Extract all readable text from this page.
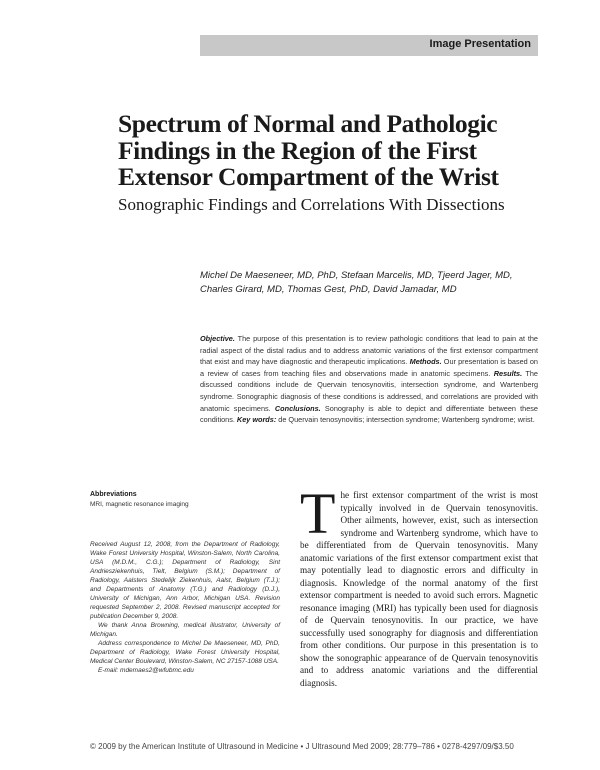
Image Presentation
Spectrum of Normal and Pathologic Findings in the Region of the First Extensor Compartment of the Wrist
Sonographic Findings and Correlations With Dissections

Michel De Maeseneer, MD, PhD, Stefaan Marcelis, MD, Tjeerd Jager, MD, Charles Girard, MD, Thomas Gest, PhD, David Jamadar, MD

Objective. The purpose of this presentation is to review pathologic conditions that lead to pain at the radial aspect of the distal radius and to address anatomic variations of the first extensor compartment that exist and may have diagnostic and therapeutic implications. Methods. Our presentation is based on a review of cases from teaching files and observations made in anatomic specimens. Results. The discussed conditions include de Quervain tenosynovitis, intersection syndrome, and Wartenberg syndrome. Sonographic diagnosis of these conditions is addressed, and correlations are provided with anatomic specimens. Conclusions. Sonography is able to depict and differentiate between these conditions. Key words: de Quervain tenosynovitis; intersection syndrome; Wartenberg syndrome; wrist.

Abbreviations

MRI, magnetic resonance imaging

Received August 12, 2008, from the Department of Radiology, Wake Forest University Hospital, Winston-Salem, North Carolina, USA (M.D.M., C.G.); Department of Radiology, Sint Andriesziekenhuis, Tielt, Belgium (S.M.); Department of Radiology, Aalsters Stedelijk Ziekenhuis, Aalst, Belgium (T.J.); and Departments of Anatomy (T.G.) and Radiology (D.J.), University of Michigan, Ann Arbor, Michigan USA. Revision requested September 2, 2008. Revised manuscript accepted for publication December 9, 2008.

We thank Anna Browning, medical illustrator, University of Michigan.

Address correspondence to Michel De Maeseneer, MD, PhD, Department of Radiology, Wake Forest University Hospital, Medical Center Boulevard, Winston-Salem, NC 27157-1088 USA.

E-mail: mdemaes2@wfubmc.edu

The first extensor compartment of the wrist is most typically involved in de Quervain tenosynovitis. Other ailments, however, exist, such as intersection syndrome and Wartenberg syndrome, which have to be differentiated from de Quervain tenosynovitis. Many anatomic variations of the first extensor compartment exist that may potentially lead to diagnostic errors and difficulty in diagnosis. Knowledge of the normal anatomy of the first extensor compartment is needed to avoid such errors. Magnetic resonance imaging (MRI) has typically been used for diagnosis of de Quervain tenosynovitis. In our practice, we have successfully used sonography for diagnosis and differentiation from other conditions. Our purpose in this presentation is to show the sonographic appearance of de Quervain tenosynovitis and to address anatomic variations and the differential diagnosis.

© 2009 by the American Institute of Ultrasound in Medicine • J Ultrasound Med 2009; 28:779–786 • 0278-4297/09/$3.50
